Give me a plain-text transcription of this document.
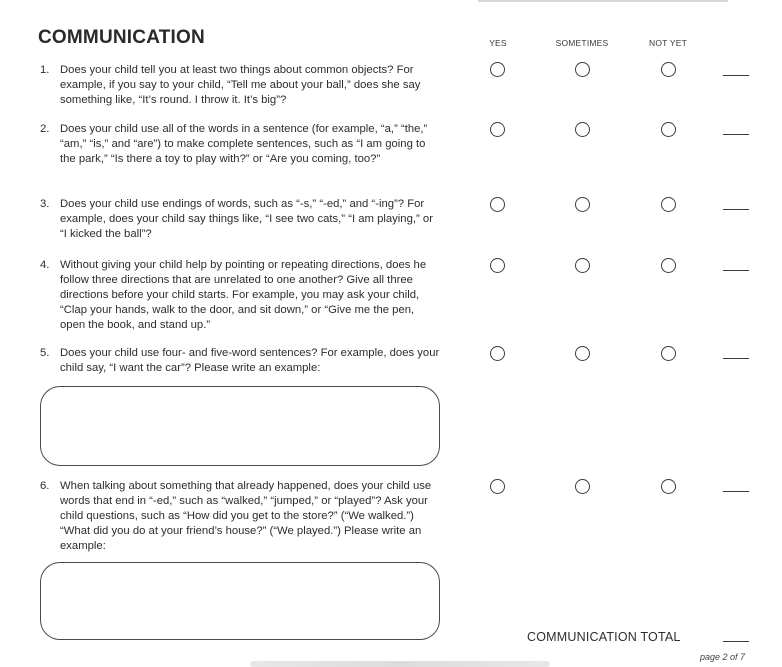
COMMUNICATION	YES	SOMETIMES	NOT YET
1. Does your child tell you at least two things about common objects? For example, if you say to your child, “Tell me about your ball,” does she say something like, “It’s round. I throw it. It’s big”?
2. Does your child use all of the words in a sentence (for example, “a,” “the,” “am,” “is,” and “are”) to make complete sentences, such as “I am going to the park,” “Is there a toy to play with?” or “Are you coming, too?”
3. Does your child use endings of words, such as “-s,” “-ed,” and “-ing”? For example, does your child say things like, “I see two cats,” “I am playing,” or “I kicked the ball”?
4. Without giving your child help by pointing or repeating directions, does he follow three directions that are unrelated to one another? Give all three directions before your child starts. For example, you may ask your child, “Clap your hands, walk to the door, and sit down,” or “Give me the pen, open the book, and stand up.”
5. Does your child use four- and five-word sentences? For example, does your child say, “I want the car”? Please write an example:
6. When talking about something that already happened, does your child use words that end in “-ed,” such as “walked,” “jumped,” or “played”? Ask your child questions, such as “How did you get to the store?” (“We walked.”) “What did you do at your friend’s house?” (“We played.”) Please write an example:
COMMUNICATION TOTAL
page 2 of 7
